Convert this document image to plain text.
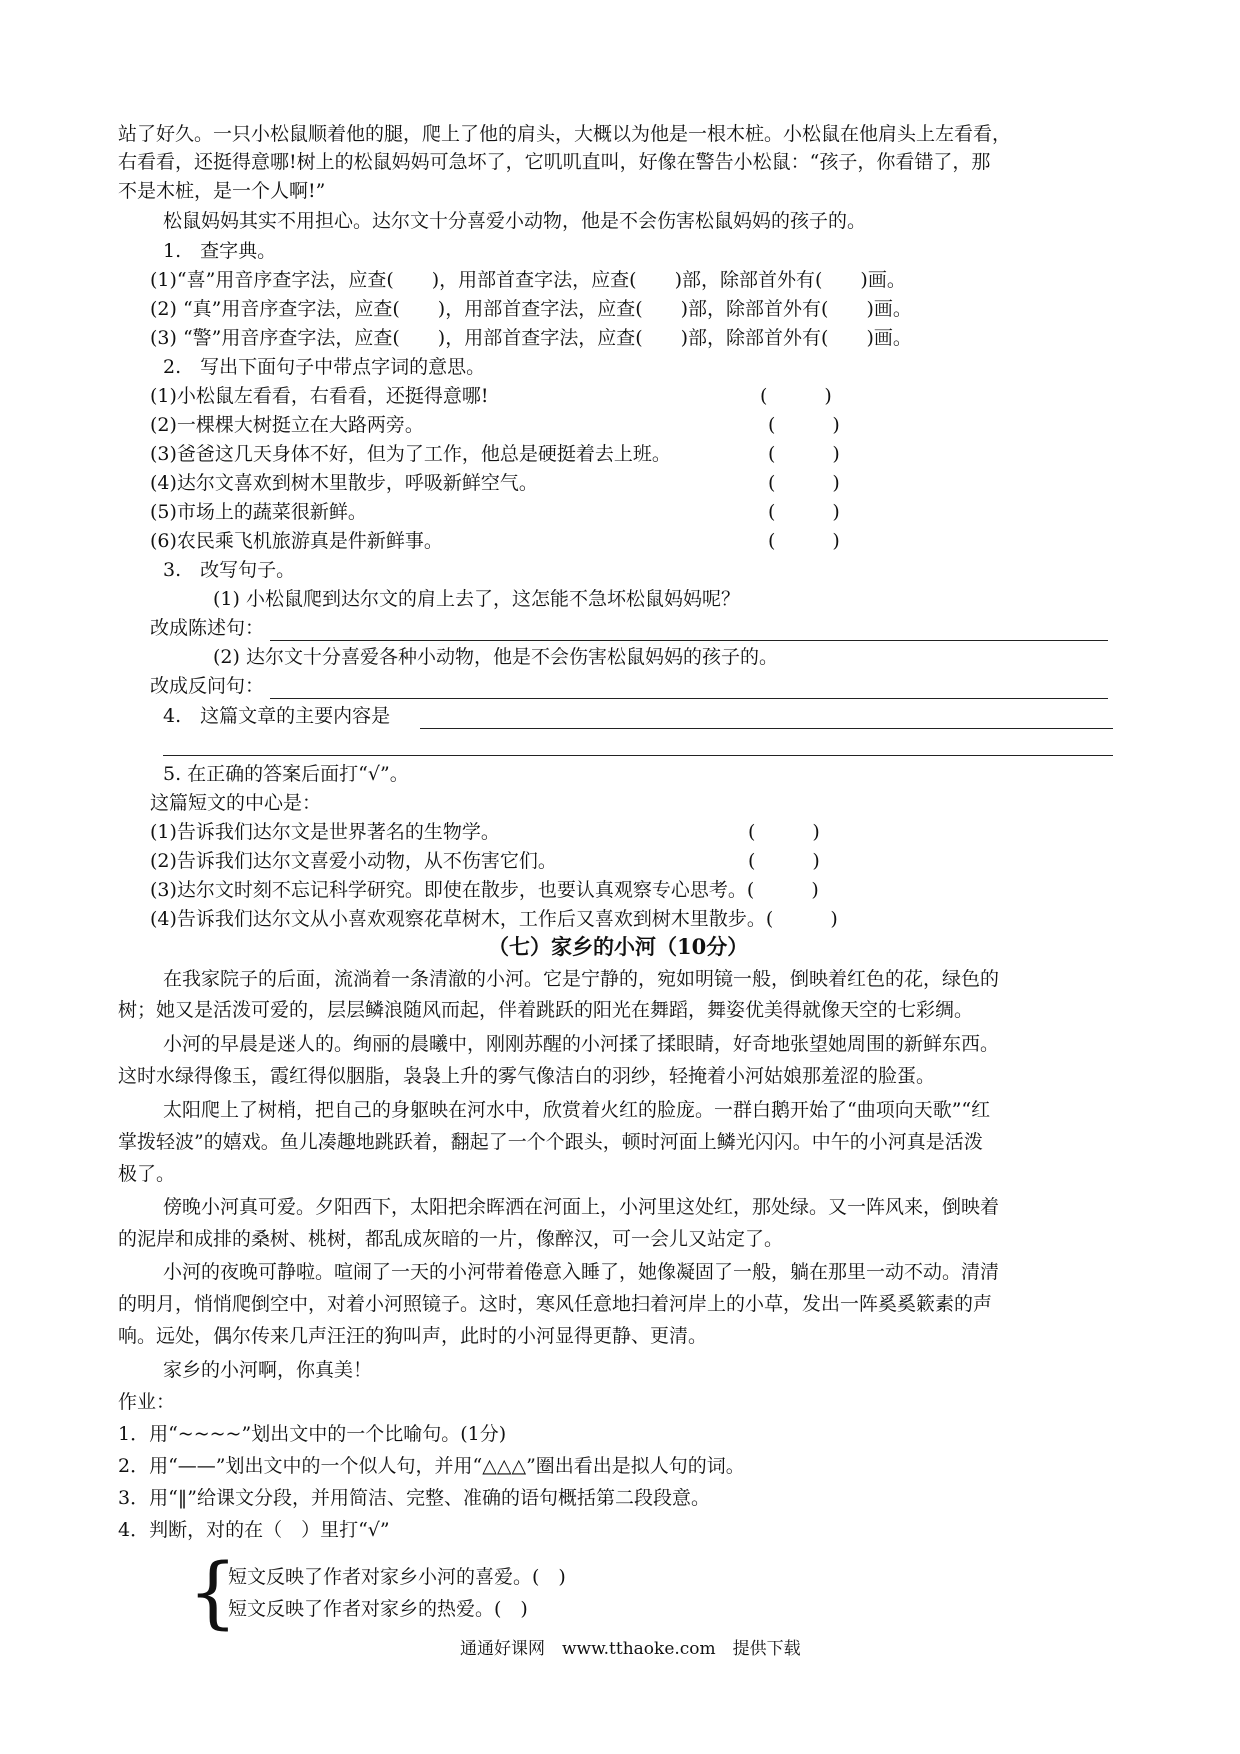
站了好久。一只小松鼠顺着他的腿，爬上了他的肩头，大概以为他是一根木桩。小松鼠在他肩头上左看看，
右看看，还挺得意哪!树上的松鼠妈妈可急坏了，它叽叽直叫，好像在警告小松鼠：“孩子，你看错了，那
不是木桩，是一个人啊!”
松鼠妈妈其实不用担心。达尔文十分喜爱小动物，他是不会伤害松鼠妈妈的孩子的。
1.　查字典。
(1)“喜”用音序查字法，应查(　　)，用部首查字法，应查(　　)部，除部首外有(　　)画。
(2) “真”用音序查字法，应查(　　)，用部首查字法，应查(　　)部，除部首外有(　　)画。
(3) “警”用音序查字法，应查(　　)，用部首查字法，应查(　　)部，除部首外有(　　)画。
2.　写出下面句子中带点字词的意思。
(1)小松鼠左看看，右看看，还挺得意哪!	(　　　)
(2)一棵棵大树挺立在大路两旁。	(　　　)
(3)爸爸这几天身体不好，但为了工作，他总是硬挺着去上班。	(　　　)
(4)达尔文喜欢到树木里散步，呼吸新鲜空气。	(　　　)
(5)市场上的蔬菜很新鲜。	(　　　)
(6)农民乘飞机旅游真是件新鲜事。	(　　　)
3.　改写句子。
(1) 小松鼠爬到达尔文的肩上去了，这怎能不急坏松鼠妈妈呢？
改成陈述句：
(2) 达尔文十分喜爱各种小动物，他是不会伤害松鼠妈妈的孩子的。
改成反问句：
4.　这篇文章的主要内容是
5. 在正确的答案后面打“√”。
这篇短文的中心是：
(1)告诉我们达尔文是世界著名的生物学。	(　　　)
(2)告诉我们达尔文喜爱小动物，从不伤害它们。	(　　　)
(3)达尔文时刻不忘记科学研究。即使在散步，也要认真观察专心思考。(　　　)
(4)告诉我们达尔文从小喜欢观察花草树木，工作后又喜欢到树木里散步。(　　　)
（七）家乡的小河（10分）
在我家院子的后面，流淌着一条清澈的小河。它是宁静的，宛如明镜一般，倒映着红色的花，绿色的
树；她又是活泼可爱的，层层鳞浪随风而起，伴着跳跃的阳光在舞蹈，舞姿优美得就像天空的七彩绸。
小河的早晨是迷人的。绚丽的晨曦中，刚刚苏醒的小河揉了揉眼睛，好奇地张望她周围的新鲜东西。
这时水绿得像玉，霞红得似胭脂，袅袅上升的雾气像洁白的羽纱，轻掩着小河姑娘那羞涩的脸蛋。
太阳爬上了树梢，把自己的身躯映在河水中，欣赏着火红的脸庞。一群白鹅开始了“曲项向天歌”“红
掌拨轻波”的嬉戏。鱼儿凑趣地跳跃着，翻起了一个个跟头，顿时河面上鳞光闪闪。中午的小河真是活泼
极了。
傍晚小河真可爱。夕阳西下，太阳把余晖洒在河面上，小河里这处红，那处绿。又一阵风来，倒映着
的泥岸和成排的桑树、桃树，都乱成灰暗的一片，像醉汉，可一会儿又站定了。
小河的夜晚可静啦。喧闹了一天的小河带着倦意入睡了，她像凝固了一般，躺在那里一动不动。清清
的明月，悄悄爬倒空中，对着小河照镜子。这时，寒风任意地扫着河岸上的小草，发出一阵奚奚簌素的声
响。远处，偶尔传来几声汪汪的狗叫声，此时的小河显得更静、更清。
家乡的小河啊，你真美！
作业：
1．用“~~~~”划出文中的一个比喻句。(1分)
2．用“——”划出文中的一个似人句，并用“△△△”圈出看出是拟人句的词。
3．用“‖”给课文分段，并用简洁、完整、准确的语句概括第二段段意。
4．判断，对的在（　）里打“√”
{
短文反映了作者对家乡小河的喜爱。(　)
短文反映了作者对家乡的热爱。(　)
通通好课网　www.tthaoke.com　提供下载
